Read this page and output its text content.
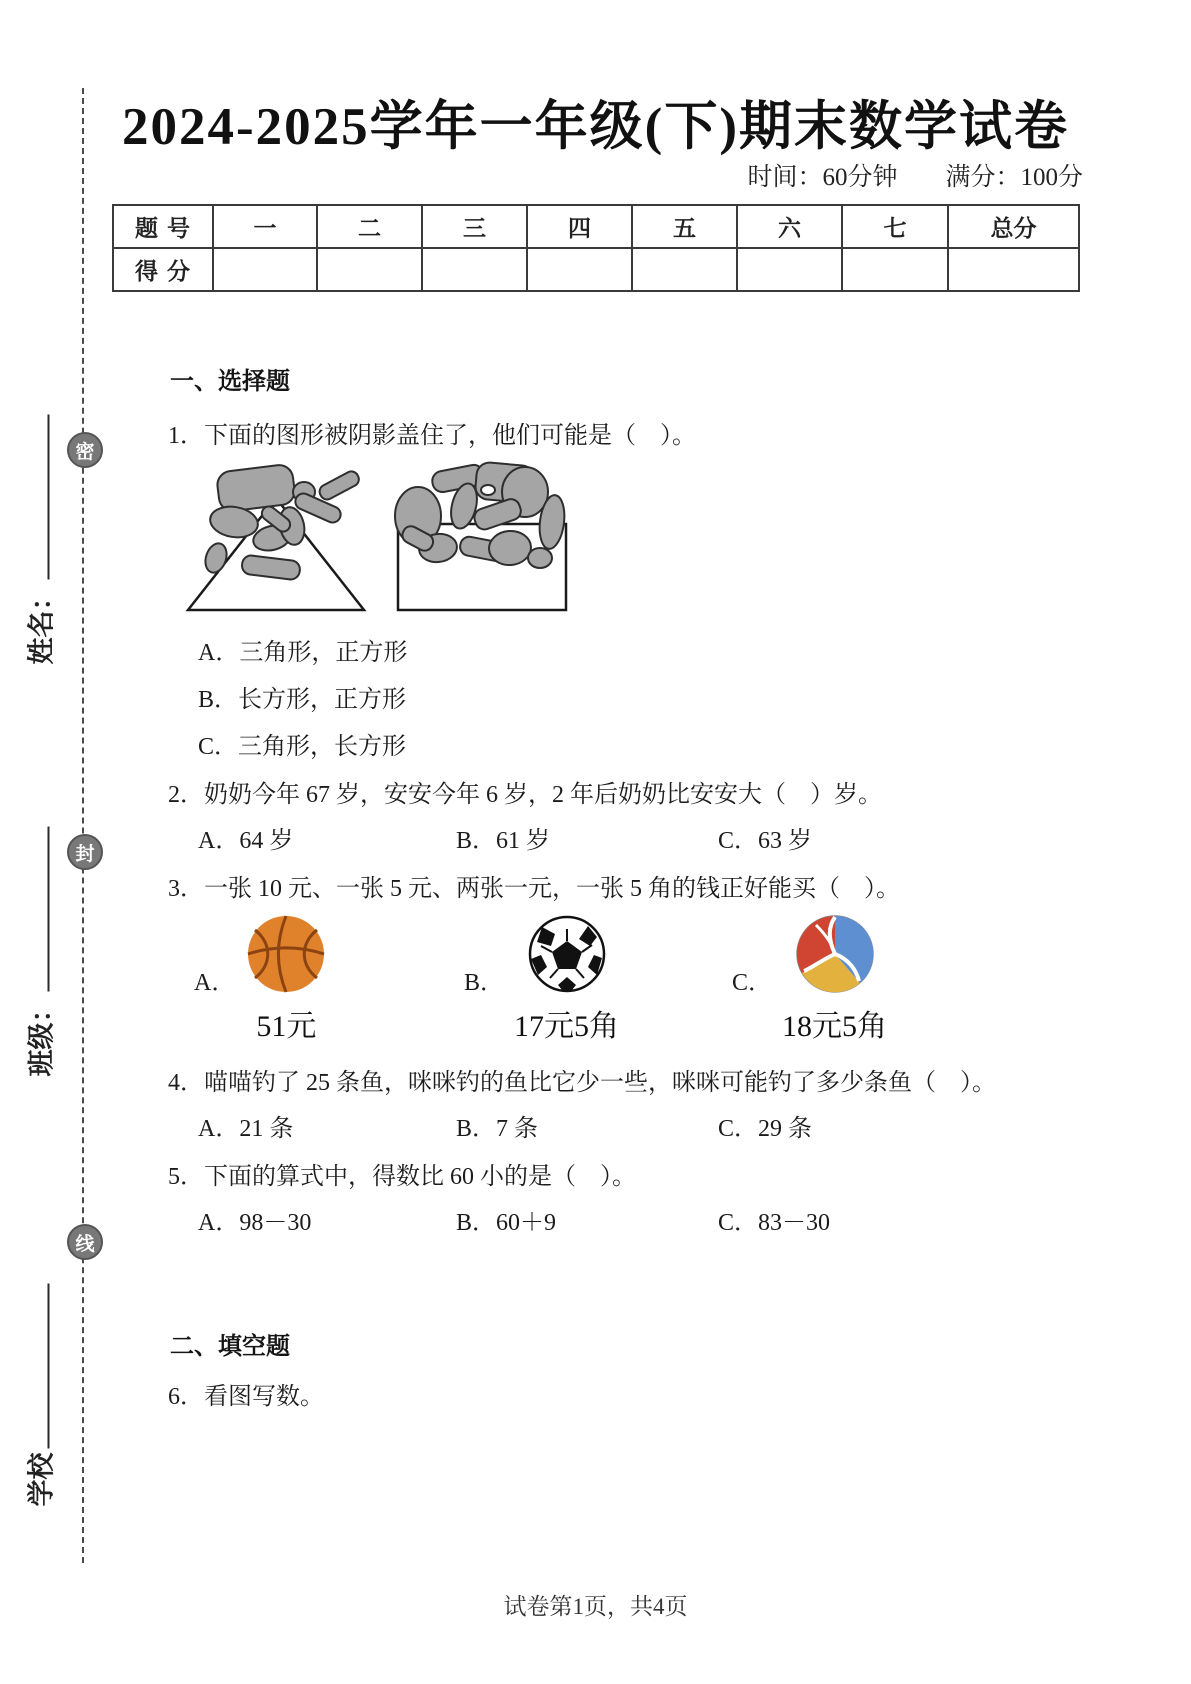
密
封
线
姓名：
班级：
学校
2024-2025学年一年级(下)期末数学试卷
时间：60分钟 满分：100分
题号	一	二	三	四	五	六	七	总分
得分								
一、选择题
1．下面的图形被阴影盖住了，他们可能是（　）。
A．三角形，正方形
B．长方形，正方形
C．三角形，长方形
2．奶奶今年 67 岁，安安今年 6 岁，2 年后奶奶比安安大（　）岁。
A．64 岁	B．61 岁	C．63 岁
3．一张 10 元、一张 5 元、两张一元，一张 5 角的钱正好能买（　）。
A．
51元
B．
17元5角
C．
18元5角
4．喵喵钓了 25 条鱼，咪咪钓的鱼比它少一些，咪咪可能钓了多少条鱼（　）。
A．21 条	B．7 条	C．29 条
5．下面的算式中，得数比 60 小的是（　）。
A．98－30	B．60＋9	C．83－30
二、填空题
6．看图写数。
试卷第1页，共4页
